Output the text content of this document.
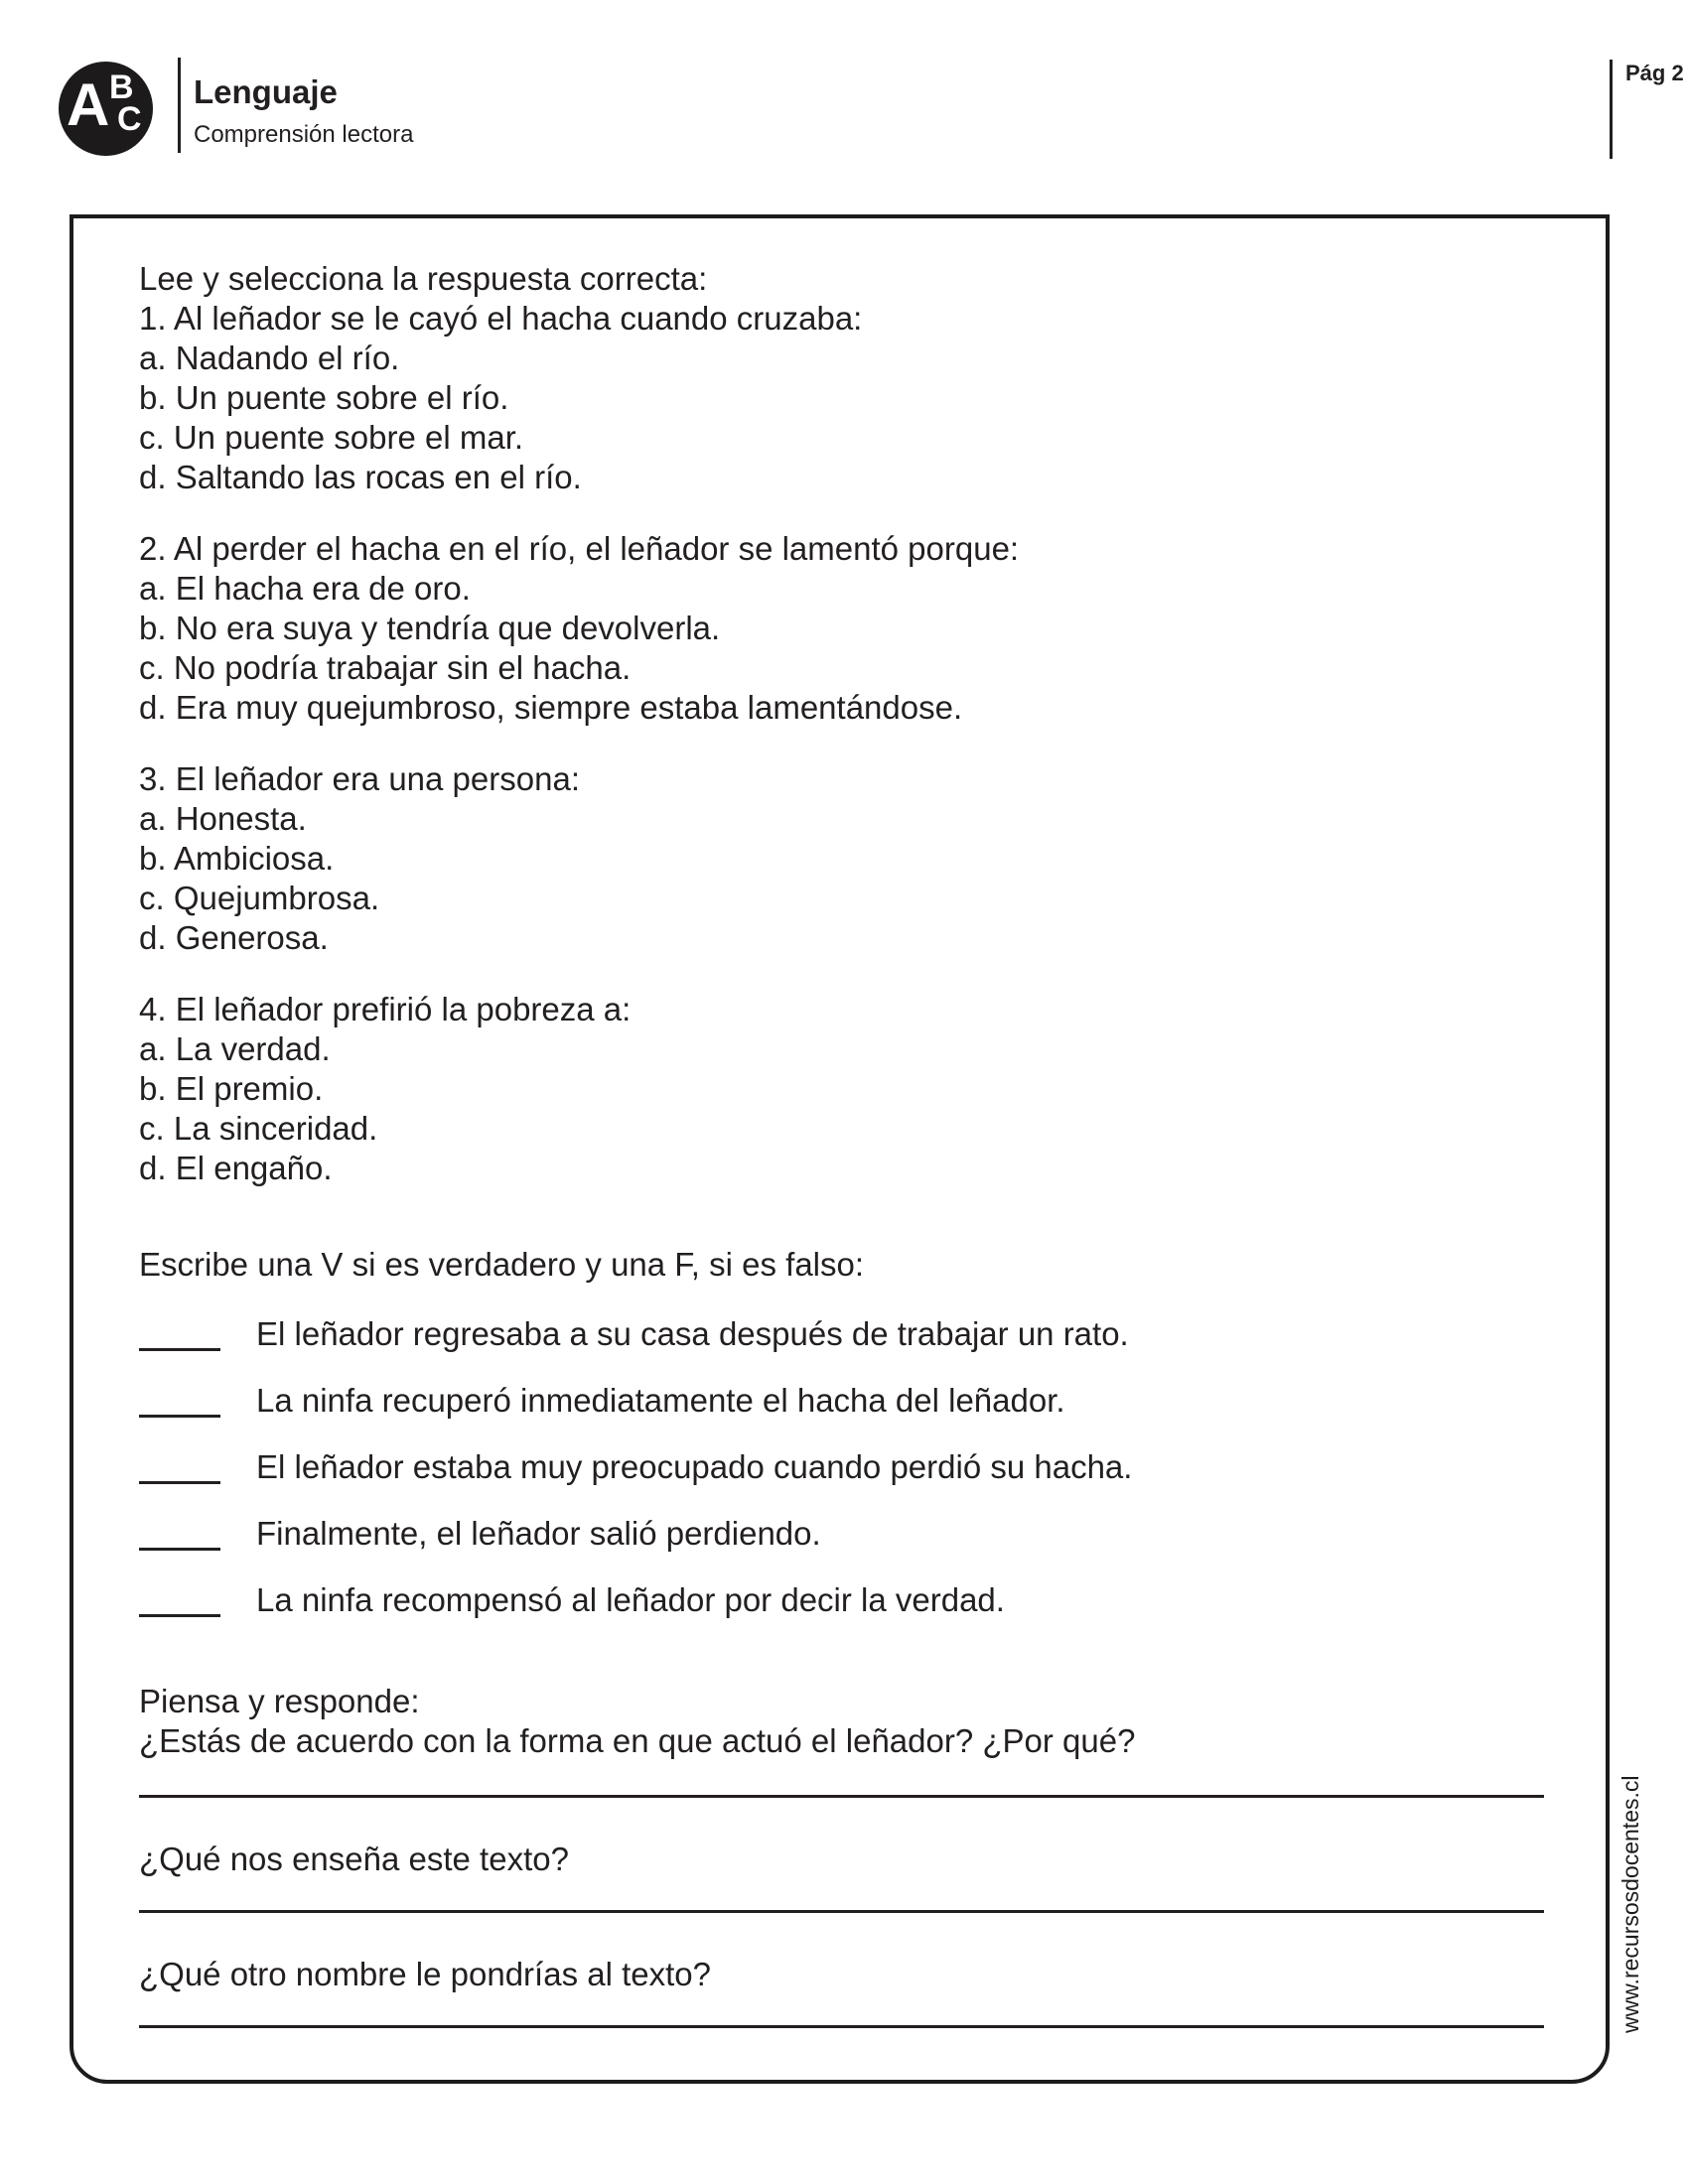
A B
C
Lenguaje
Comprensión lectora
Pág 2

Lee y selecciona la respuesta correcta:

1. Al leñador se le cayó el hacha cuando cruzaba:

a. Nadando el río.

b. Un puente sobre el río.

c. Un puente sobre el mar.

d. Saltando las rocas en el río.

2. Al perder el hacha en el río, el leñador se lamentó porque:

a. El hacha era de oro.

b. No era suya y tendría que devolverla.

c. No podría trabajar sin el hacha.

d. Era muy quejumbroso, siempre estaba lamentándose.

3. El leñador era una persona:

a. Honesta.

b. Ambiciosa.

c. Quejumbrosa.

d. Generosa.

4. El leñador prefirió la pobreza a:

a. La verdad.

b. El premio.

c. La sinceridad.

d. El engaño.

Escribe una V si es verdadero y una F, si es falso:

El leñador regresaba a su casa después de trabajar un rato.

La ninfa recuperó inmediatamente el hacha del leñador.

El leñador estaba muy preocupado cuando perdió su hacha.

Finalmente, el leñador salió perdiendo.

La ninfa recompensó al leñador por decir la verdad.

Piensa y responde:

¿Estás de acuerdo con la forma en que actuó el leñador? ¿Por qué?

¿Qué nos enseña este texto?

¿Qué otro nombre le pondrías al texto?	www.recursosdocentes.cl
